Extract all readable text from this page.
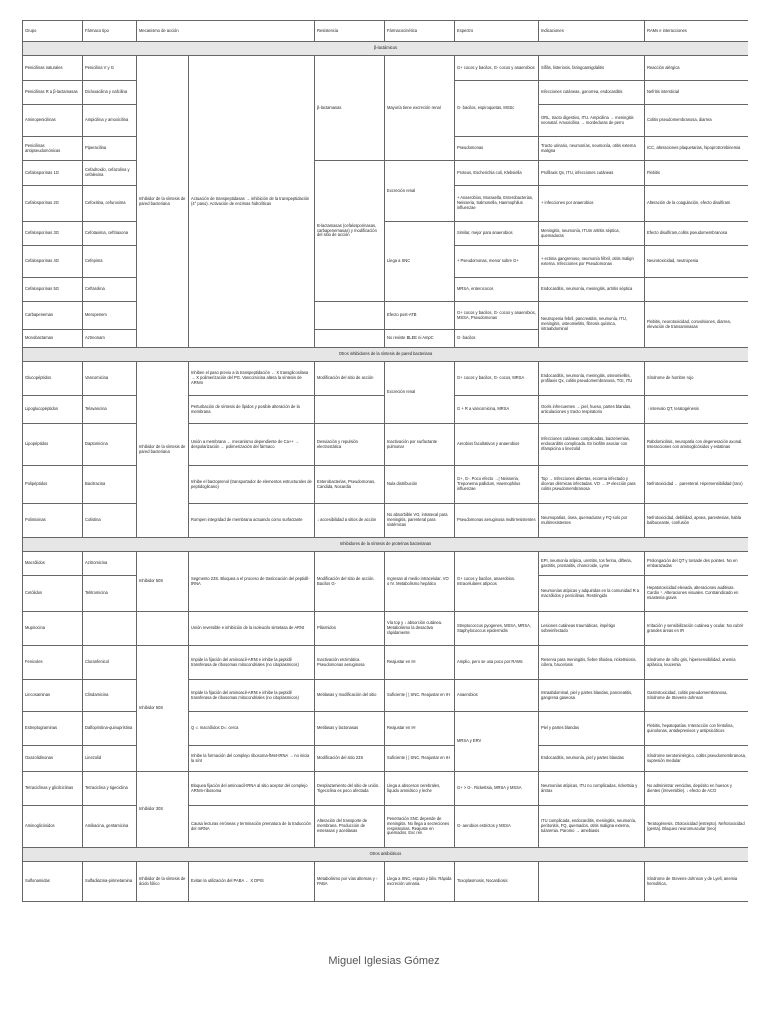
Grupo	Fármaco tipo	Mecanismo de acción		Resistencia	Fármacocinética	Espectro	Indicaciones	RAMs e interacciones
β-lactámicos								
Penicilinas naturales	Penicilina V y G	Inhibidor de la síntesis de pared bacteriana	Actuación de transpeptidasas → inhibición de la transpeptidación (4° paso). Activación de enzimas hidrolíticas	β-lactamasas	Mayoría tiene excreción renal	G+ cocos y bacilos, G- cocos y anaerobios	Sífilis, listeriosis, faringoamigdalitis	Reacción alérgica
Penicilinas R a β-lactamasas	Dicloxacilina y nafcilina					G- bacilos, espiroquetas, MSSc	Infecciones cutáneas, gonorrea, endocarditis	Nefritis intersticial
Aminopenicilinas	Ampicilina y amoxicilina						ORL, tracto digestivo, ITU. Ampicilina → meningitis neonatal. Amoxicilina → mordeduras de perro	Colitis pseudomembranosa, diarrea
Penicilinas antipseudomónicas	Piperacilina					Pseudomonas	Tracto urinario, neumonías, neumonía, otitis externa maligna	ICC, alteraciones plaquetarias, hipoprotrombinemia
Cefalosporinas 1G	Cefadroxilo, cefazolina y cefalexina			B-lactamasas (cefalosporinasas, carbapenemasas) y modificación del sitio de acción	Excreción renal	Proteus, Escherichia coli, Klebsiella	Profilaxis Qx, ITU, infecciones cutáneas	Flebitis
Cefalosporinas 2G	Cefoxitina, cefuroxima					+ Anaerobios, Moraxella, Enterobacterias, Neisseria, Salmonella, Haemophilus influenzae	+ infecciones por anaerobios	Alteración de la coagulación, efecto disulfiram
Cefalosporinas 3G	Cefotaxima, ceftriaxona				Llega a SNC	Similar, mejor para anaerobios	Meningitis, neumonía, ITUm artritis séptica, quemaduras	Efecto disulfiram,colitis pseudomembranosa
Cefalosporinas 4G	Cefepima					+ Pseudomonas, menor sobre G+	+ ectima gangrenoso, neumonía fébril, otitis malign externa. Infecciones por Pseudomonas	Neurotoxicidad, neutropenia
Cefalosporinas 5G	Ceftarolina					MRSA, enterococos	Endocarditis, neumonía, meningitis, artritis séptica	
Carbapenemas	Meropenem				Efecto post-ATB	G+ cocos y bacilos, G- cocos y anaerobios, MSSA, Pseudomonas	Neutropenia febril, pancreatitis, neumonía, ITU, meningitis, osteomielitis, fibrosis quística, intraabdominal	Flebitis, neurotoxicidad, convulsiones, diarrea, elevación de transaminasas
Monobactamas	Aztreonam				No resiste BLEE ni AmpC	G- bacilos		
Otros inhibidores de la síntesis de pared bacteriana								
Glucopéptidos	Vancomicina	Inhibidor de la síntesis de pared bacteriana	Inhiben el paso previo a la transpeptidación ← X transglicosilasa → X polimerización del PG. Vancomicina altera la síntesis de ARNm	Modificación del sitio de acción	Excreción renal	G+ cocos y bacilos, G- cocos, MRSA	Endocarditis, neumonía, meningitis, osteomielitis, profilaxis Qx, colitis pseudomembranosa, TGI, ITU	Síndrome de hombre rojo
Lipoglucopéptidos	Telavancina		Perturbación de síntesis de lípidos y posible alteración de la membrana			G + R a vancomicina, MRSA	Ocels infrecuentes → piel, hueso, partes blandas, articulaciones y tracto respiratorio	↑ intervalo QT, teratogénesis
Lipopéptidos	Daptomicina		Unión a membrana ← mecanismo dependiente de Ca++ → despolarización ← polimerización del fármaco	Desviación y repulsión electrostática	Inactivación por surfactante pulmonar	Aerobios facultativos y anaerobios	Infecciones cutáneas complicadas, bacteriemias, endocarditis complicada. En biofilm asociar con rifampicina o linezolid	Rabdomiolisis, neuropatía con degeneración axonal. Interacciones con aminoglicósidos y estatinas
Polipéptidos	Bacitracina		Inhibe el bactoprenol (transportador de elementos estructurales de peptidoglicano)	Enterobacterias, Pseudomonas, Candida, Nocardia	Nula distribución	G+, G-. Poco efecto →| Neisseria, Treponema pallidum, Haemophilus influenzae	Top → Infecciones abiertas, eccema infectado y úlceras dérmicas infectadas. VO → 3ª elección para colitis pseudomembranosa	Nefrotoxicidad ← parenteral. Hipersensibilidad (raro)
Polimixinas	Colistina		Rompen integridad de membrana actuando como surfactante	↓ accesibilidad a sitios de acción	No absorbible VO, intratecal para meningitis, parenteral para sistémicas	Pseudomonas aeruginosa multirresistentes	Neumopatías, ósea, quemaduras y FQ solo por multirresistentes	Nefrotoxicidad, debilidad, apnea, parestesias, habla balbuceante, confusión
Inhibidores de la síntesis de proteínas bacterianas								
Macrólidos	Azitromicina	Inhibidor 50S	Segmento 23S. Bloquea a el proceso de traslocación del peptidil-tRNA	Modificación del sitio de acción. Bacilos G-	Ingresan al medio intracelular. VO o IV. Metabolismo hepático	G+ cocos y bacilos, anaerobios. Intracelulares atípicos	EPI, neumonía atípica, uretritis, tos ferina, difteria, gastritis, prostatitis, chancroide, Lyme	Prolongación del QT y torsade des pointes. No en embarazadas
Cetólidos	Telitromicina						Neumonías atípicas y adquiridas en la comunidad R a macrólidos y penicilinas. Restringido	Hepatotoxicidad elevada, alteraciones auditivas. Cardio ⁺. Alteraciones visuales. Contraindicado en miastenia gravis
Mupirocina			Unión reversible e inhibición de la isoleucilo sintetasa de ARNt	Plásmidos	Vía top y ↓ absorción cutánea. Metabolismo la desactiva rápidamente	Streptococcus pyogenes, MSSA, MRSA, Staphylococcus epidermidis	Lesiones cutáneas traumáticas, impétigo sobreinfectado	Irritación y sensibilización cutánea y ocular. No cubrir grandes áreas en IR
Fenicoles	Cloranfenicol	Inhibidor 50S	Impide la fijación del aminoacil-ARNt e inhibe la peptidil transferasa de ribosomas mitocondriales (no citoplasmicos)	Inactivación enzimática. Pseudomonas aeruginosa	Reajustar en IH	Amplio, pero se usa poco por RAMs	Reserva para meningitis, fiebre tifoidea, rickettsiosis, cólera, brucelosis	Síndrome de niño gris, hipersensibilidad, anemia aplásica, leucemia
Lincosaminas	Clindamicina		Impide la fijación del aminoacil-ARNt e inhibe la peptidil transferasa de ribosomas mitocondriales (no citoplasmicos)	Metilasas y modificación del sitio	Suficiente | | SNC. Reajustar en IH	Anaerobios	Intraabdominal, piel y partes blandas, pancreatitis, gangrena gaseosa	Gastrotoxicidad, colitis pseudomembranosa, Síndrome de Stevens-Johnson
Estreptograminas	Dalfopristina-quinupristina		Q ⊂ macrólidos D⊂ cerca	Metilasas y lactonasas	Reajustar en IH	MRSA y ERV	Piel y partes blandas	Flebitis, hepatopatías. Interacción con fentolina, quinolonas, antidepresivos y antipsicóticos
Oxazolidinonas	Linezolid		Inhibe la formación del complejo ribosoma-fMet-tRNA → no inicia la sínt	Modificación del sitio 23S	Suficiente | | SNC. Reajustar en IH		Endocarditis, neumonía, piel y partes blandas	Síndrome serotoninérgico, colitis pseudomembranosa, supresión medular
Tetraciclinas y glicilciclinas	Tetraciclina y tigeciclina	Inhibidor 30S	Bloquea fijación del aminoacil-tRNA al sitio aceptor del complejo ARNm-ribosoma	Desplazamiento del sitio de unión. Tigeciclina es poco afectada	Llega a abscesos cerebrales, líquido amniótico y leche	G+ > G-. Rickettsia, MRSA y MSSA	Neumonías atípicas, ITU no complicadas, rickettsia y ántrax	No administrar vencidas, depósito en huesos y dientes (irreversible). ↓ efecto de ACO
Aminoglicósidos	Amikacina, gentamicina		Causa lecturas erróneas y terminación prematura de la traducción del mRNA	Alteración del transporte de membrana. Producción de esterasas y acetilasas	Penetración SNC depende de meningitis. No llega a secreciones respiratorias. Reajuste en quemados. Exc ren	G- aerobios estrictos y MSSA	ITU complicada, endocarditis, meningitis, neumonía, peritonitis, FQ, quemados, otitis maligna externa, tularemia. Paromo → amebiasis	Teratogénesis. Ototoxicidad (estrepto). Nefrotoxicidad (genta). Bloqueo neuromuscular (neo)
Otros antibióticos								
Sulfonamidas	Sulfadiazina-pirimetamina	Inhibidor de la síntesis de ácido fólico	Evitan la utilización del PABA ← X DPIS	Metabolismo por vías alternas y ↑ PABA	Llega a SNC, esputo y bilis. Rápida excreción urinaria.	Toxoplasmosis, Nocardiosis		Síndrome de Stevens-Johnson y de Lyell, anemia hemolítica,
Miguel Iglesias Gómez
